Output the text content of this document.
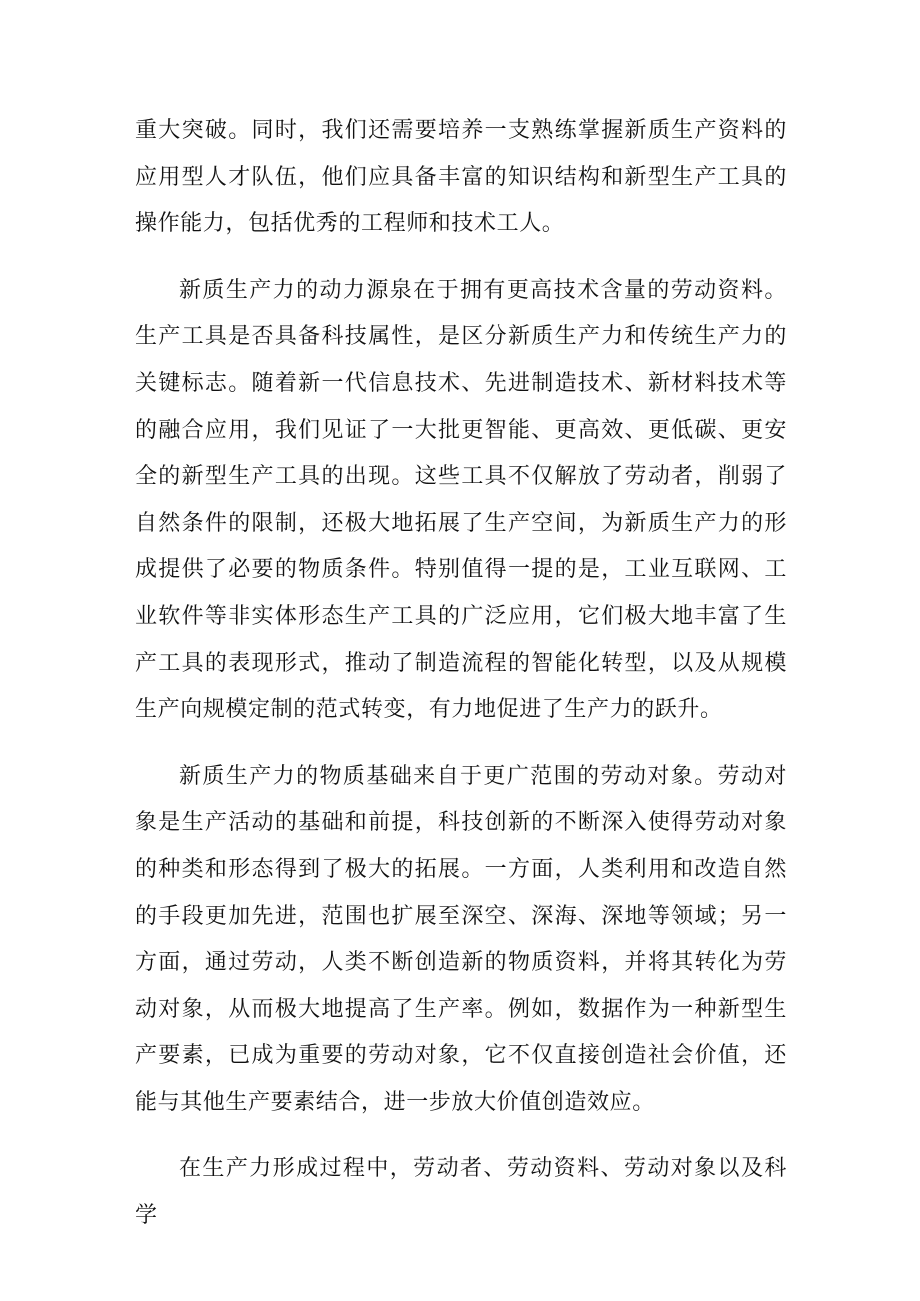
重大突破。同时，我们还需要培养一支熟练掌握新质生产资料的应用型人才队伍，他们应具备丰富的知识结构和新型生产工具的操作能力，包括优秀的工程师和技术工人。

新质生产力的动力源泉在于拥有更高技术含量的劳动资料。生产工具是否具备科技属性，是区分新质生产力和传统生产力的关键标志。随着新一代信息技术、先进制造技术、新材料技术等的融合应用，我们见证了一大批更智能、更高效、更低碳、更安全的新型生产工具的出现。这些工具不仅解放了劳动者，削弱了自然条件的限制，还极大地拓展了生产空间，为新质生产力的形成提供了必要的物质条件。特别值得一提的是，工业互联网、工业软件等非实体形态生产工具的广泛应用，它们极大地丰富了生产工具的表现形式，推动了制造流程的智能化转型，以及从规模生产向规模定制的范式转变，有力地促进了生产力的跃升。

新质生产力的物质基础来自于更广范围的劳动对象。劳动对象是生产活动的基础和前提，科技创新的不断深入使得劳动对象的种类和形态得到了极大的拓展。一方面，人类利用和改造自然的手段更加先进，范围也扩展至深空、深海、深地等领域；另一方面，通过劳动，人类不断创造新的物质资料，并将其转化为劳动对象，从而极大地提高了生产率。例如，数据作为一种新型生产要素，已成为重要的劳动对象，它不仅直接创造社会价值，还能与其他生产要素结合，进一步放大价值创造效应。

在生产力形成过程中，劳动者、劳动资料、劳动对象以及科学
